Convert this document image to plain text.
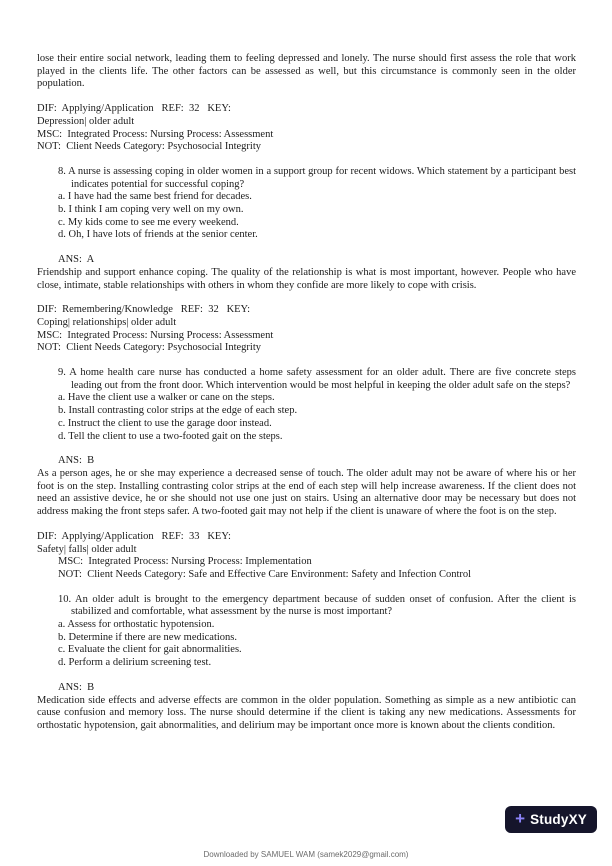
lose their entire social network, leading them to feeling depressed and lonely. The nurse should first assess the role that work played in the clients life. The other factors can be assessed as well, but this circumstance is commonly seen in the older population.

DIF:  Applying/Application   REF:  32   KEY:
Depression| older adult
MSC:  Integrated Process: Nursing Process: Assessment
NOT:  Client Needs Category: Psychosocial Integrity

8. A nurse is assessing coping in older women in a support group for recent widows. Which statement by a participant best indicates potential for successful coping?

a. I have had the same best friend for decades.
b. I think I am coping very well on my own.
c. My kids come to see me every weekend.
d. Oh, I have lots of friends at the senior center.

ANS:  A

Friendship and support enhance coping. The quality of the relationship is what is most important, however. People who have close, intimate, stable relationships with others in whom they confide are more likely to cope with crisis.

DIF:  Remembering/Knowledge   REF:  32   KEY:
Coping| relationships| older adult
MSC:  Integrated Process: Nursing Process: Assessment
NOT:  Client Needs Category: Psychosocial Integrity

9. A home health care nurse has conducted a home safety assessment for an older adult. There are five concrete steps leading out from the front door. Which intervention would be most helpful in keeping the older adult safe on the steps?

a. Have the client use a walker or cane on the steps.
b. Install contrasting color strips at the edge of each step.
c. Instruct the client to use the garage door instead.
d. Tell the client to use a two-footed gait on the steps.

ANS:  B

As a person ages, he or she may experience a decreased sense of touch. The older adult may not be aware of where his or her foot is on the step. Installing contrasting color strips at the end of each step will help increase awareness. If the client does not need an assistive device, he or she should not use one just on stairs. Using an alternative door may be necessary but does not address making the front steps safer. A two-footed gait may not help if the client is unaware of where the foot is on the step.

DIF:  Applying/Application   REF:  33   KEY:
Safety| falls| older adult
MSC:  Integrated Process: Nursing Process: Implementation
NOT:  Client Needs Category: Safe and Effective Care Environment: Safety and Infection Control

10. An older adult is brought to the emergency department because of sudden onset of confusion. After the client is stabilized and comfortable, what assessment by the nurse is most important?

a. Assess for orthostatic hypotension.
b. Determine if there are new medications.
c. Evaluate the client for gait abnormalities.
d. Perform a delirium screening test.

ANS:  B

Medication side effects and adverse effects are common in the older population. Something as simple as a new antibiotic can cause confusion and memory loss. The nurse should determine if the client is taking any new medications. Assessments for orthostatic hypotension, gait abnormalities, and delirium may be important once more is known about the clients condition.

+ StudyXY
Downloaded by SAMUEL WAM (samek2029@gmail.com)
